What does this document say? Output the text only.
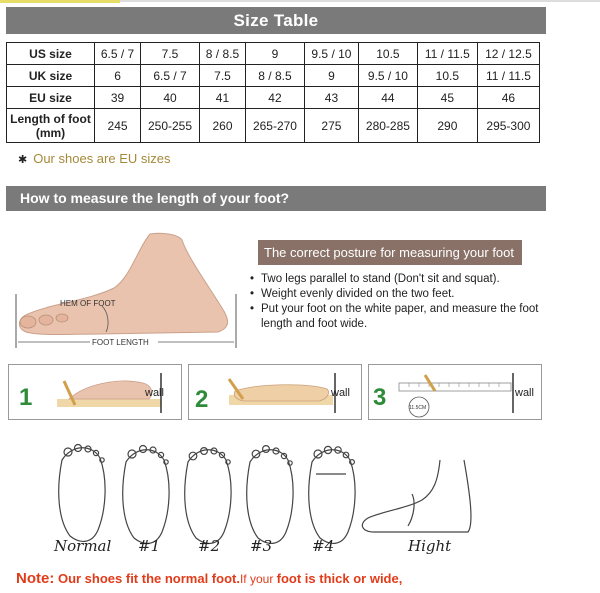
Size Table
US size	6.5 / 7	7.5	8 / 8.5	9	9.5 / 10	10.5	11 / 11.5	12 / 12.5
UK size	6	6.5 / 7	7.5	8 / 8.5	9	9.5 / 10	10.5	11 / 11.5
EU size	39	40	41	42	43	44	45	46
Length of foot
(mm)	245	250-255	260	265-270	275	280-285	290	295-300
✱ Our shoes are EU sizes
How to measure the length of your foot?
HEM OF FOOT
FOOT LENGTH
The correct posture for measuring your foot
• Two legs parallel to stand (Don't sit and squat).
• Weight evenly divided on the two feet.
• Put your foot on the white paper, and measure the foot length and foot wide.
1	wall 2	wall 3	11.5CM
wall
Normal #1	#2 #3	#4	Hight
Note: Our shoes fit the normal foot.If your foot is thick or wide,
